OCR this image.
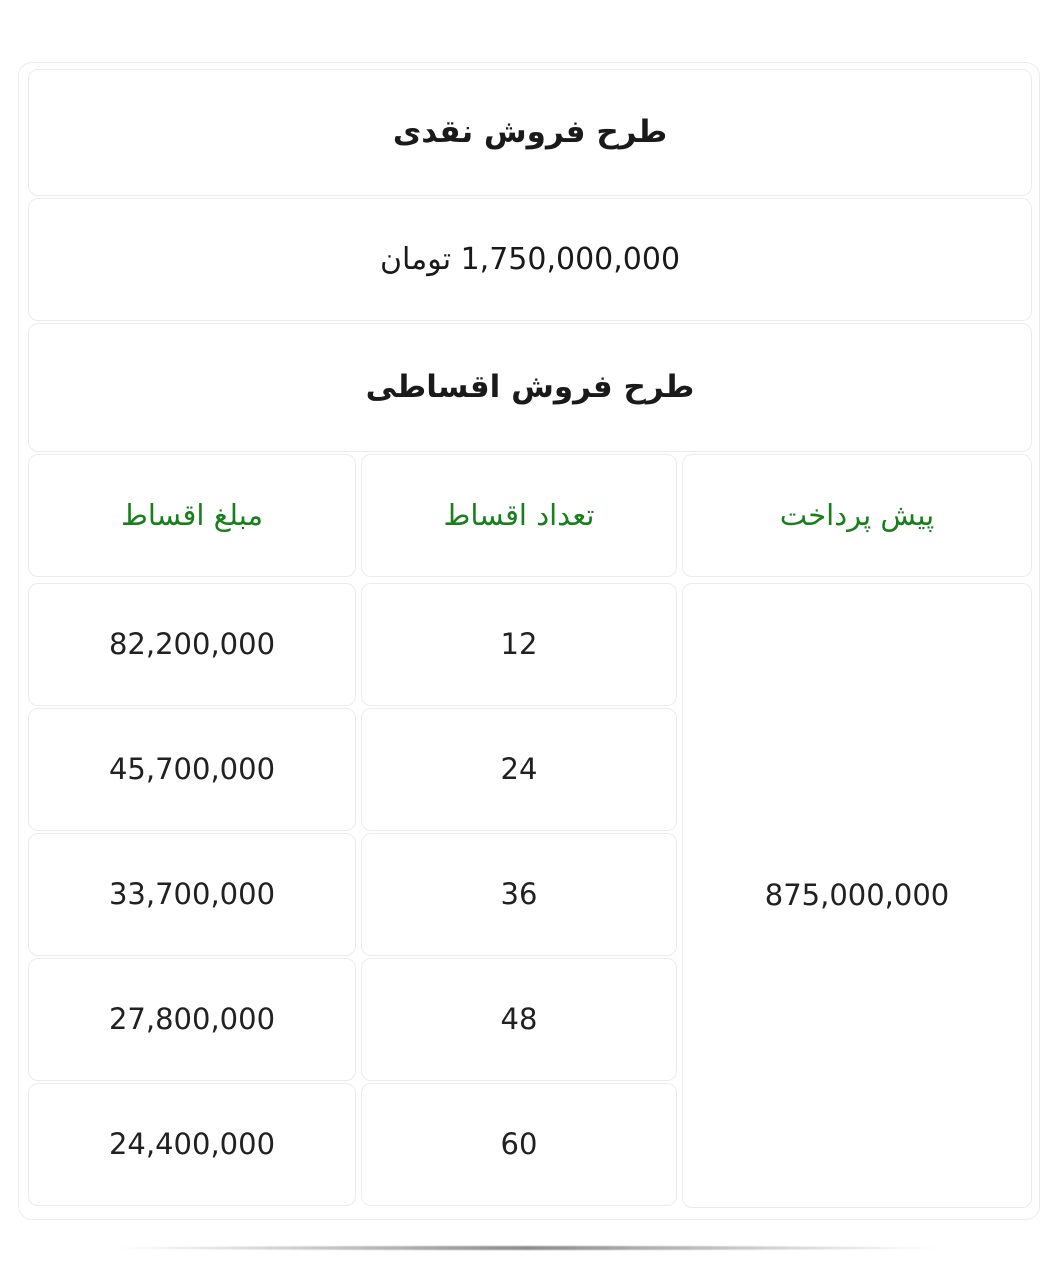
طرح فروش نقدی
1,750,000,000 تومان
طرح فروش اقساطی
پیش پرداخت
تعداد اقساط
مبلغ اقساط
875,000,000
12
82,200,000
24
45,700,000
36
33,700,000
48
27,800,000
60
24,400,000
